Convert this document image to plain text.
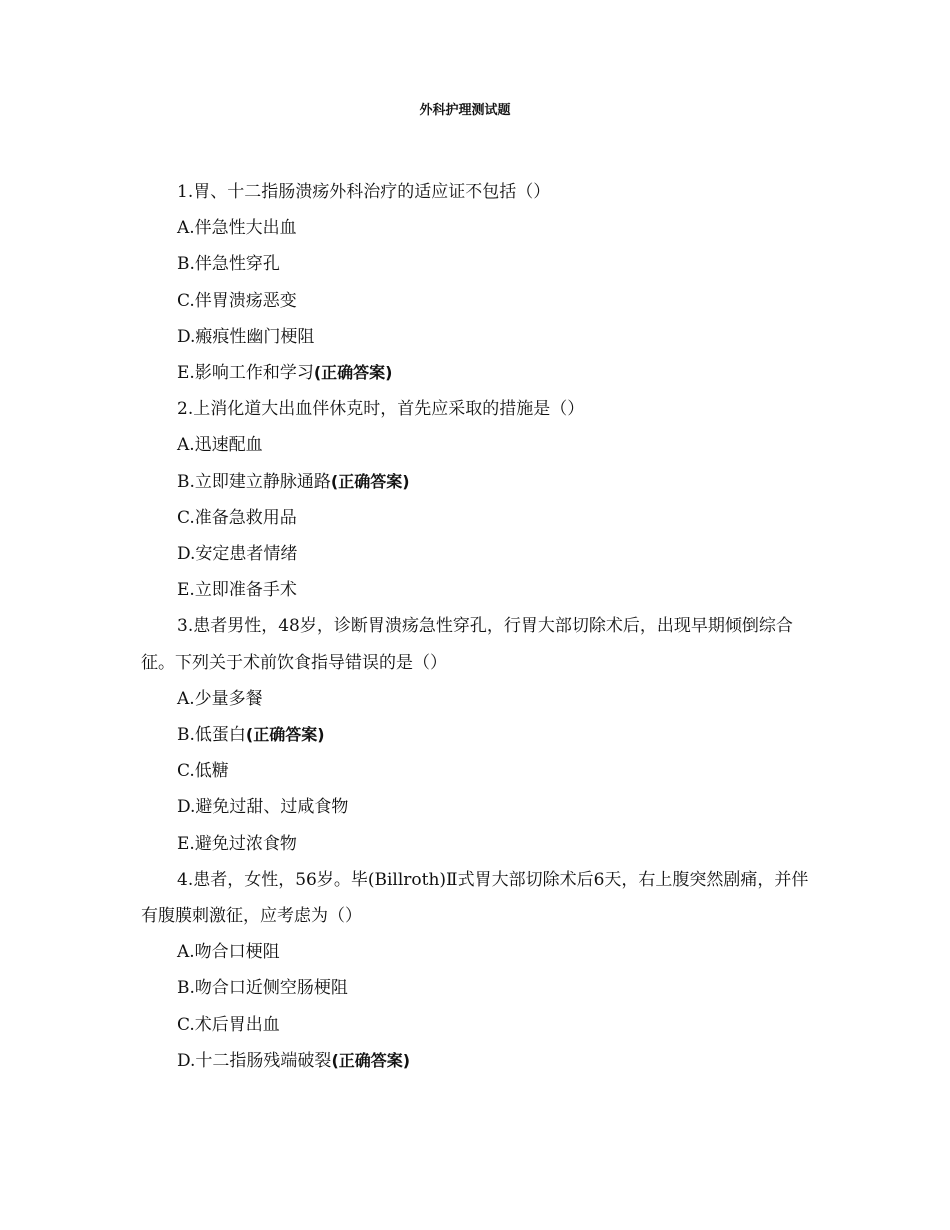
外科护理测试题

1.胃、十二指肠溃疡外科治疗的适应证不包括（）

A.伴急性大出血

B.伴急性穿孔

C.伴胃溃疡恶变

D.瘢痕性幽门梗阻

E.影响工作和学习(正确答案)

2.上消化道大出血伴休克时，首先应采取的措施是（）

A.迅速配血

B.立即建立静脉通路(正确答案)

C.准备急救用品

D.安定患者情绪

E.立即准备手术

3.患者男性，48岁，诊断胃溃疡急性穿孔，行胃大部切除术后，出现早期倾倒综合征。下列关于术前饮食指导错误的是（）

A.少量多餐

B.低蛋白(正确答案)

C.低糖

D.避免过甜、过咸食物

E.避免过浓食物

4.患者，女性，56岁。毕(Billroth)Ⅱ式胃大部切除术后6天，右上腹突然剧痛，并伴有腹膜刺激征，应考虑为（）

A.吻合口梗阻

B.吻合口近侧空肠梗阻

C.术后胃出血

D.十二指肠残端破裂(正确答案)
